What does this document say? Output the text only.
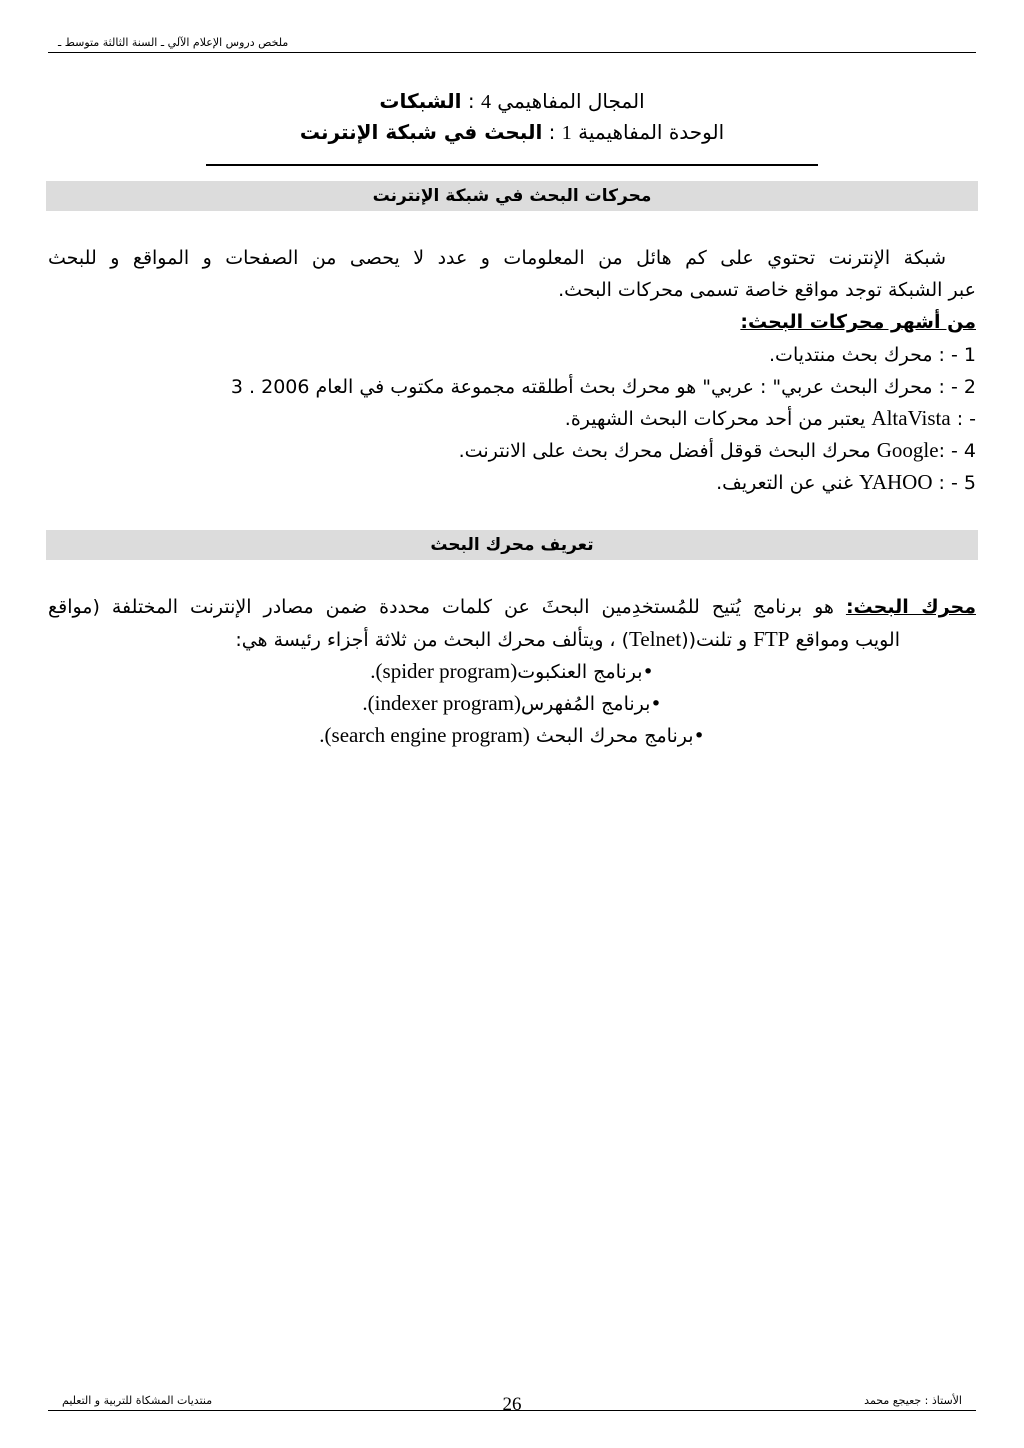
ملخص دروس الإعلام الآلي ـ السنة الثالثة متوسط ـ
المجال المفاهيمي 4 : الشبكات
الوحدة المفاهيمية 1 : البحث في شبكة الإنترنت
محركات البحث في شبكة الإنترنت
شبكة الإنترنت تحتوي على كم هائل من المعلومات و عدد لا يحصى من الصفحات و المواقع و للبحث
عبر الشبكة توجد مواقع خاصة تسمى محركات البحث.
من أشهر محركات البحث:
1 - : محرك بحث منتديات.
2 - : محرك البحث عربي" : عربي" هو محرك بحث أطلقته مجموعة مكتوب في العام 2006 . 3
- : AltaVista يعتبر من أحد محركات البحث الشهيرة.
4 - :Google محرك البحث قوقل أفضل محرك بحث على الانترنت.
5 - : YAHOO غني عن التعريف.
تعريف محرك البحث
محرك البحث: هو برنامج يُتيح للمُستخدِمين البحثَ عن كلمات محددة ضمن مصادر الإنترنت المختلفة (مواقع
الويب ومواقع FTP و تلنت((Telnet) ، ويتألف محرك البحث من ثلاثة أجزاء رئيسة هي:
•برنامج العنكبوت(spider program).
•برنامج المُفهرس(indexer program).
•برنامج محرك البحث (search engine program).
منتديات المشكاة للتربية و التعليم	26	الأستاذ : جعيجع محمد
